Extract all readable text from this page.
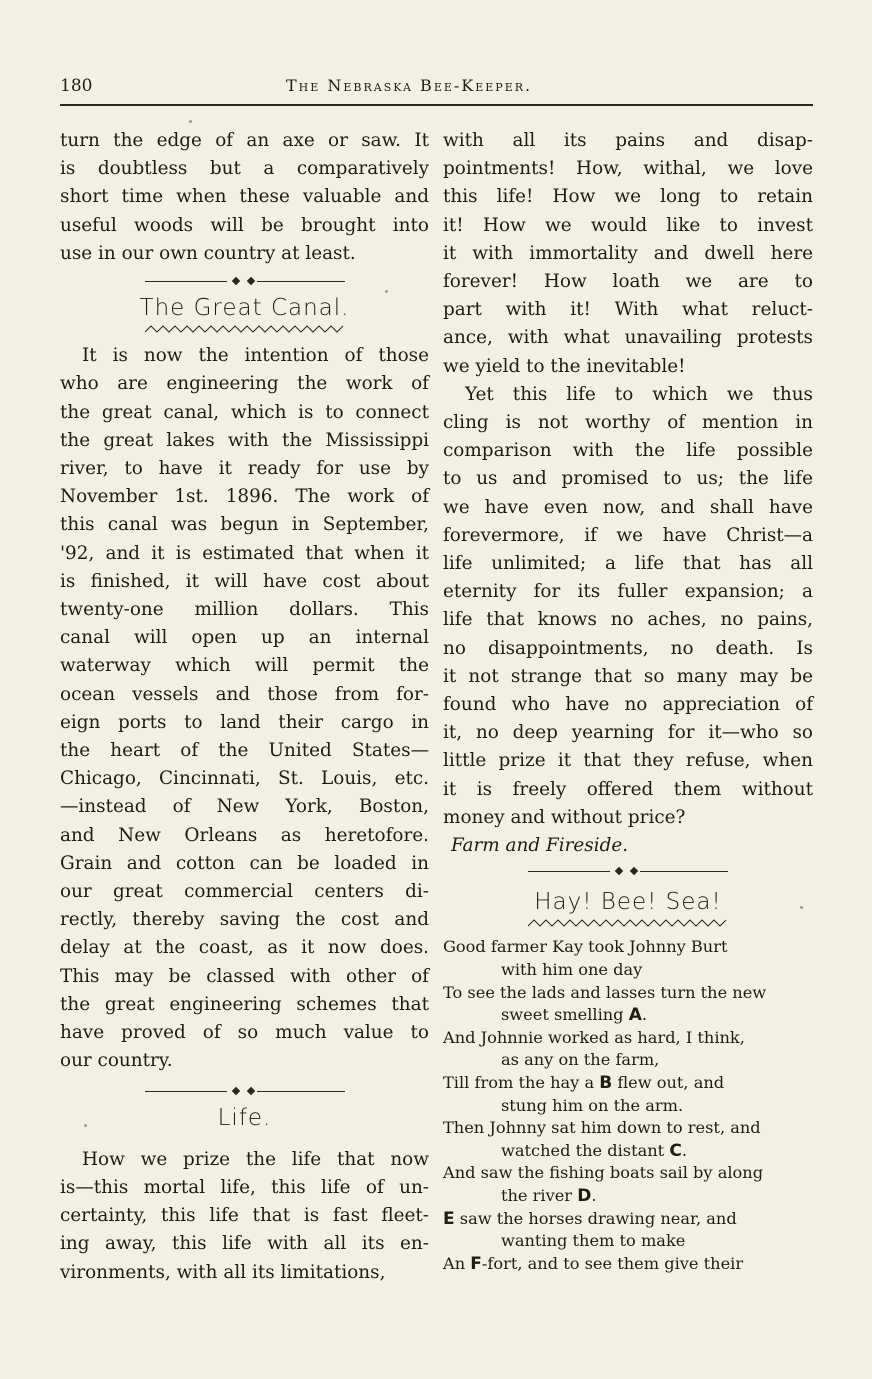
180	The Nebraska Bee-Keeper.

turn the edge of an axe or saw. It
is doubtless but a comparatively
short time when these valuable and
useful woods will be brought into
use in our own country at least.

The Great Canal.

It is now the intention of those
who are engineering the work of
the great canal, which is to connect
the great lakes with the Mississippi
river, to have it ready for use by
November 1st. 1896. The work of
this canal was begun in September,
'92, and it is estimated that when it
is finished, it will have cost about
twenty-one million dollars. This
canal will open up an internal
waterway which will permit the
ocean vessels and those from for-
eign ports to land their cargo in
the heart of the United States—
Chicago, Cincinnati, St. Louis, etc.
—instead of New York, Boston,
and New Orleans as heretofore.
Grain and cotton can be loaded in
our great commercial centers di-
rectly, thereby saving the cost and
delay at the coast, as it now does.
This may be classed with other of
the great engineering schemes that
have proved of so much value to
our country.

Life.

How we prize the life that now
is—this mortal life, this life of un-
certainty, this life that is fast fleet-
ing away, this life with all its en-
vironments, with all its limitations,

with all its pains and disap-
pointments! How, withal, we love
this life! How we long to retain
it! How we would like to invest
it with immortality and dwell here
forever! How loath we are to
part with it! With what reluct-
ance, with what unavailing protests
we yield to the inevitable!

Yet this life to which we thus
cling is not worthy of mention in
comparison with the life possible
to us and promised to us; the life
we have even now, and shall have
forevermore, if we have Christ—a
life unlimited; a life that has all
eternity for its fuller expansion; a
life that knows no aches, no pains,
no disappointments, no death. Is
it not strange that so many may be
found who have no appreciation of
it, no deep yearning for it—who so
little prize it that they refuse, when
it is freely offered them without
money and without price?

Farm and Fireside.
Hay! Bee! Sea!
Good farmer Kay took Johnny Burt
with him one day
To see the lads and lasses turn the new
sweet smelling A.
And Johnnie worked as hard, I think,
as any on the farm,
Till from the hay a B flew out, and
stung him on the arm.
Then Johnny sat him down to rest, and
watched the distant C.
And saw the fishing boats sail by along
the river D.
E saw the horses drawing near, and
wanting them to make
An F-fort, and to see them give their
